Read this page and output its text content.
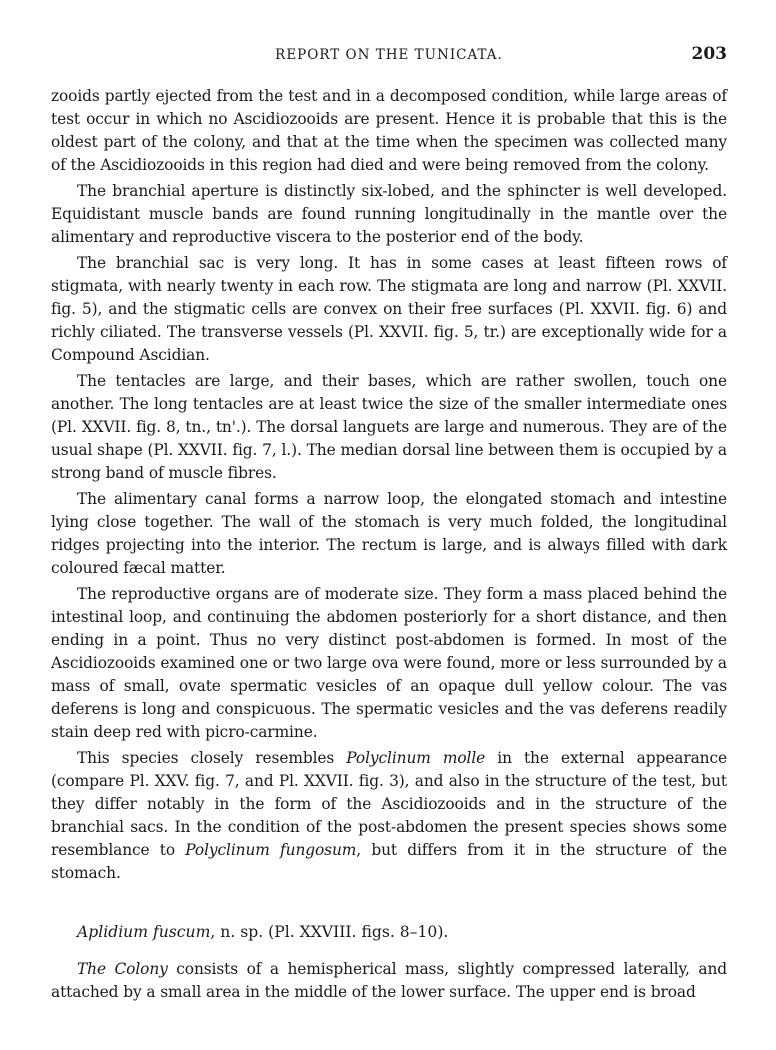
REPORT ON THE TUNICATA.	203

zooids partly ejected from the test and in a decomposed condition, while large areas of test occur in which no Ascidiozooids are present. Hence it is probable that this is the oldest part of the colony, and that at the time when the specimen was collected many of the Ascidiozooids in this region had died and were being removed from the colony.

The branchial aperture is distinctly six-lobed, and the sphincter is well developed. Equidistant muscle bands are found running longitudinally in the mantle over the alimentary and reproductive viscera to the posterior end of the body.

The branchial sac is very long. It has in some cases at least fifteen rows of stigmata, with nearly twenty in each row. The stigmata are long and narrow (Pl. XXVII. fig. 5), and the stigmatic cells are convex on their free surfaces (Pl. XXVII. fig. 6) and richly ciliated. The transverse vessels (Pl. XXVII. fig. 5, tr.) are exceptionally wide for a Compound Ascidian.

The tentacles are large, and their bases, which are rather swollen, touch one another. The long tentacles are at least twice the size of the smaller intermediate ones (Pl. XXVII. fig. 8, tn., tn'.). The dorsal languets are large and numerous. They are of the usual shape (Pl. XXVII. fig. 7, l.). The median dorsal line between them is occupied by a strong band of muscle fibres.

The alimentary canal forms a narrow loop, the elongated stomach and intestine lying close together. The wall of the stomach is very much folded, the longitudinal ridges projecting into the interior. The rectum is large, and is always filled with dark coloured fæcal matter.

The reproductive organs are of moderate size. They form a mass placed behind the intestinal loop, and continuing the abdomen posteriorly for a short distance, and then ending in a point. Thus no very distinct post-abdomen is formed. In most of the Ascidiozooids examined one or two large ova were found, more or less surrounded by a mass of small, ovate spermatic vesicles of an opaque dull yellow colour. The vas deferens is long and conspicuous. The spermatic vesicles and the vas deferens readily stain deep red with picro-carmine.

This species closely resembles Polyclinum molle in the external appearance (compare Pl. XXV. fig. 7, and Pl. XXVII. fig. 3), and also in the structure of the test, but they differ notably in the form of the Ascidiozooids and in the structure of the branchial sacs. In the condition of the post-abdomen the present species shows some resemblance to Polyclinum fungosum, but differs from it in the structure of the stomach.

Aplidium fuscum, n. sp. (Pl. XXVIII. figs. 8–10).

The Colony consists of a hemispherical mass, slightly compressed laterally, and attached by a small area in the middle of the lower surface. The upper end is broad
